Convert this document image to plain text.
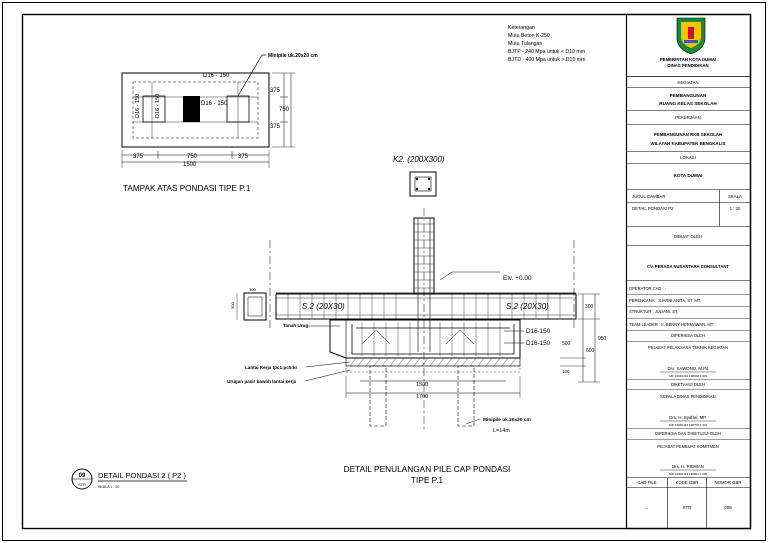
Keterangan
Mutu Beton K-250
Mutu Tulangan
BJTP - 240 Mpa untuk < D10 mm
BJTD - 400 Mpa untuk > D10 mm
Minipile uk.20x20 cm
D16 - 150
D16 - 150
D16 - 150	D16 - 150
375
750
375
375	750	375
1500
TAMPAK ATAS PONDASI TIPE P.1
K2. (200X300)
Elv. +0.00
S.2 (20X30)	S.2 (20X30)
300
300
Tanah Urug
Lantai Kerja tpc1:pc5:kr
Urugan pasir bawah lantai kerja
D16-150
D16-150
300
950
500
600
100
1500
1700
Minipile uk.20x20 cm
L=14m
DETAIL PENULANGAN PILE CAP PONDASI
TIPE P.1
09
STR
DETAIL PONDASI 2 ( P2 )
SKALA 1 : 20
PEMERINTAH KOTA DUMAI
DINAS PENDIDIKAN
KEGIATAN
PEMBANGUNAN
RUANG KELAS SEKOLAH
PEKERJAAN
PEMBANGUNAN RKB SEKOLAH
WILAYAH KABUPATEN BENGKALIS
LOKASI
KOTA DUMAI
JUDUL GAMBAR	SKALA
DETAIL PONDASI P2	1 : 20
DIBUAT OLEH
CV. PERADA NUSANTARA CONSULTANT
OPERATOR CAD : -
PERENCANA : JUARNI ANITA, ST. MT.
STRUKTUR : JULIANI, ST.
TEAM LEADER : Ir. BENNY HERMAWAN, MT
DIPERIKSA OLEH
PEJABAT PELAKSANA TEKNIK KEGIATAN
Drs. SAWONO, M.Pd
NIP. 19610201 198602 1 001
DIKETAHUI OLEH
KEPALA DINAS PENDIDIKAN
Drs. H. Syafari, MP.
NIP. 19660115 198703 1 007
DIPERIKSA DAN DISETUJUI OLEH
PEJABAT PEMBUAT KOMITMEN
Drs. H. RIDWAN
NIP. 19620113 198801 1 005
CAD FILE	KODE GBR	NOMOR GBR
-	STR	008
